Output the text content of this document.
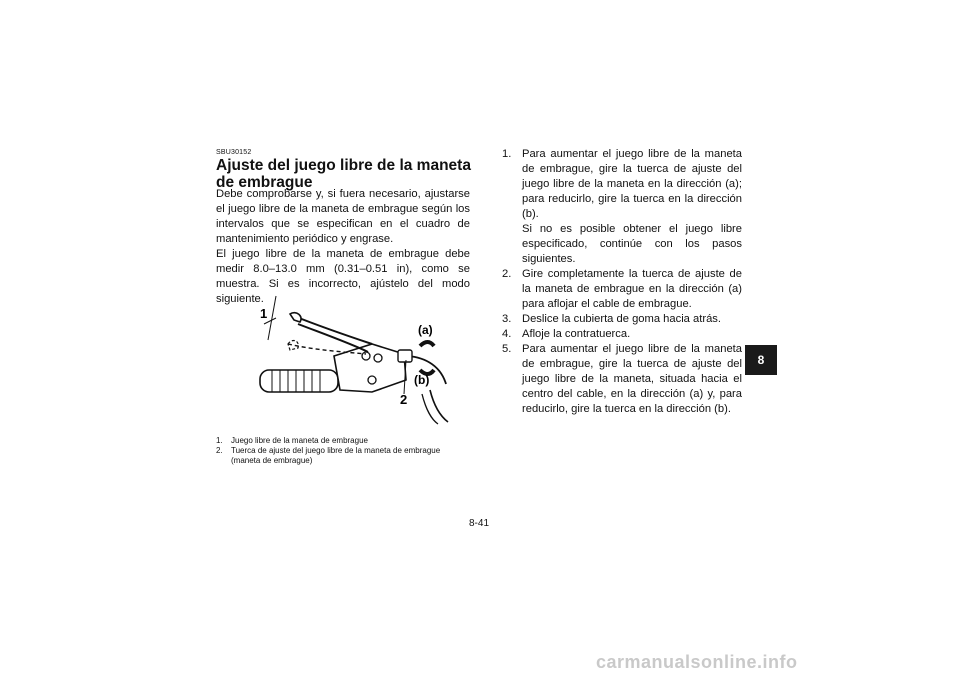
SBU30152
Ajuste del juego libre de la maneta de embrague

Debe comprobarse y, si fuera necesario, ajustarse el juego libre de la maneta de embrague según los intervalos que se especifican en el cuadro de mantenimiento periódico y engrase.

El juego libre de la maneta de embrague debe medir 8.0–13.0 mm (0.31–0.51 in), como se muestra. Si es incorrecto, ajústelo del modo siguiente.

1
(a)
(b)
2
1. Juego libre de la maneta de embrague
2. Tuerca de ajuste del juego libre de la maneta de embrague (maneta de embrague)
1. Para aumentar el juego libre de la maneta de embrague, gire la tuerca de ajuste del juego libre de la maneta en la dirección (a); para reducirlo, gire la tuerca en la dirección (b).

Si no es posible obtener el juego libre especificado, continúe con los pasos siguientes.

2. Gire completamente la tuerca de ajuste de la maneta de embrague en la dirección (a) para aflojar el cable de embrague.

3. Deslice la cubierta de goma hacia atrás.

4. Afloje la contratuerca.

5. Para aumentar el juego libre de la maneta de embrague, gire la tuerca de ajuste del juego libre de la maneta, situada hacia el centro del cable, en la dirección (a) y, para reducirlo, gire la tuerca en la dirección (b).

8
8-41
carmanualsonline.info
